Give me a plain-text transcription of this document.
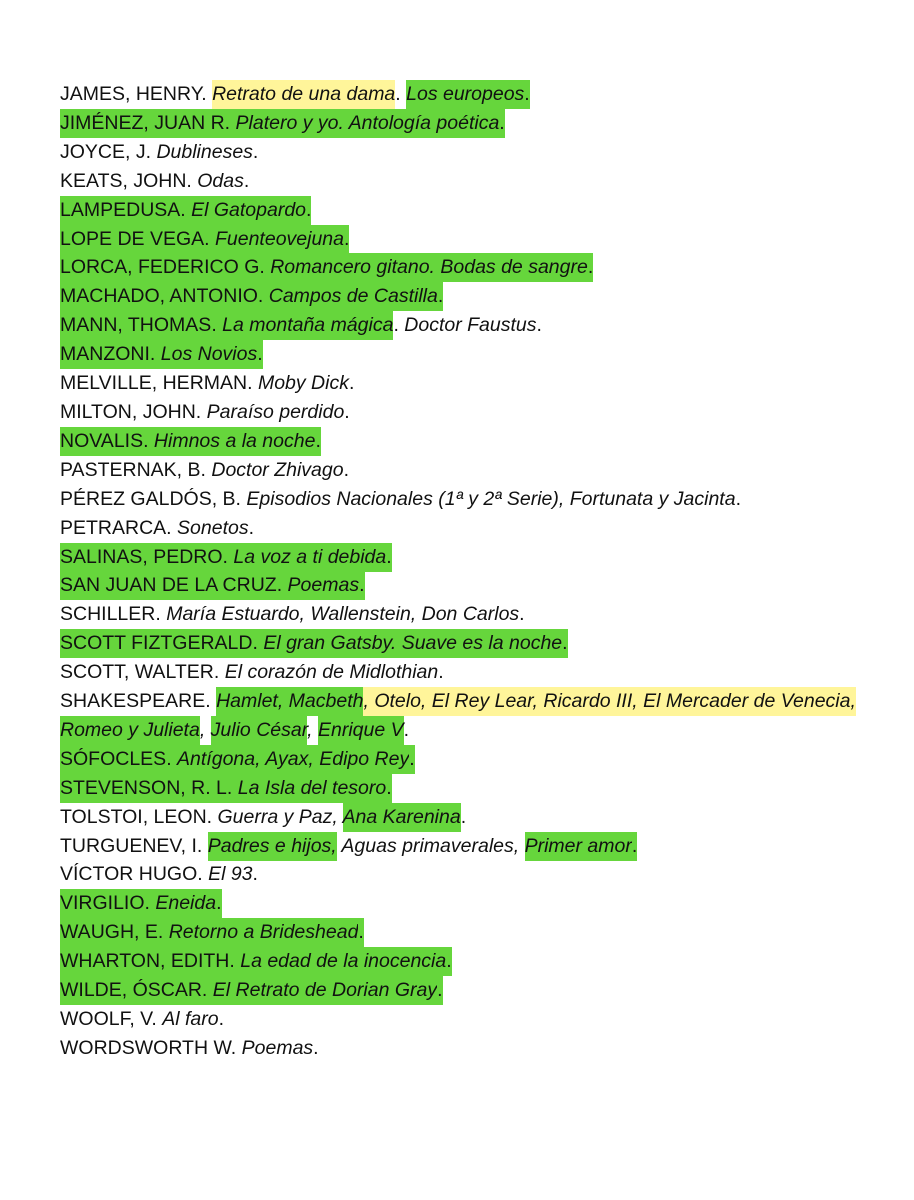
JAMES, HENRY. Retrato de una dama. Los europeos.

JIMÉNEZ, JUAN R. Platero y yo. Antología poética.

JOYCE, J. Dublineses.

KEATS, JOHN. Odas.

LAMPEDUSA. El Gatopardo.

LOPE DE VEGA. Fuenteovejuna.

LORCA, FEDERICO G. Romancero gitano. Bodas de sangre.

MACHADO, ANTONIO. Campos de Castilla.

MANN, THOMAS. La montaña mágica. Doctor Faustus.

MANZONI. Los Novios.

MELVILLE, HERMAN. Moby Dick.

MILTON, JOHN. Paraíso perdido.

NOVALIS. Himnos a la noche.

PASTERNAK, B. Doctor Zhivago.

PÉREZ GALDÓS, B. Episodios Nacionales (1ª y 2ª Serie), Fortunata y Jacinta.

PETRARCA. Sonetos.

SALINAS, PEDRO. La voz a ti debida.

SAN JUAN DE LA CRUZ. Poemas.

SCHILLER. María Estuardo, Wallenstein, Don Carlos.

SCOTT FIZTGERALD. El gran Gatsby. Suave es la noche.

SCOTT, WALTER. El corazón de Midlothian.

SHAKESPEARE. Hamlet, Macbeth, Otelo, El Rey Lear, Ricardo III, El Mercader de Venecia, Romeo y Julieta, Julio César, Enrique V.

SÓFOCLES. Antígona, Ayax, Edipo Rey.

STEVENSON, R. L. La Isla del tesoro.

TOLSTOI, LEON. Guerra y Paz, Ana Karenina.

TURGUENEV, I. Padres e hijos, Aguas primaverales, Primer amor.

VÍCTOR HUGO. El 93.

VIRGILIO. Eneida.

WAUGH, E. Retorno a Brideshead.

WHARTON, EDITH. La edad de la inocencia.

WILDE, ÓSCAR. El Retrato de Dorian Gray.

WOOLF, V. Al faro.

WORDSWORTH W. Poemas.
